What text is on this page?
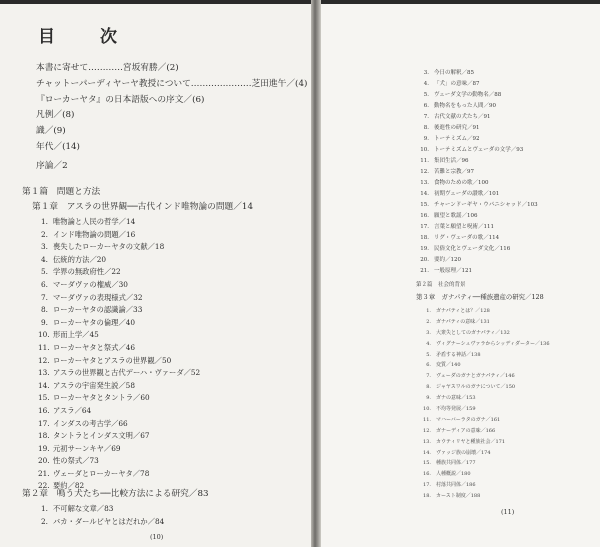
目　次
本書に寄せて…………宮坂宥勝／(2)
チャットーパーディヤーヤ教授について…………………芝田進午／(4)
『ローカーヤタ』の日本語版への序文／(6)
凡例／(8)
識／(9)
年代／(14)
序論／2
第１篇　問題と方法
第１章　アスラの世界観──古代インド唯物論の問題／14
1. 唯物論と人民の哲学／14
2. インド唯物論の問題／16
3. 喪失したローカーヤタの文献／18
4. 伝統的方法／20
5. 学界の無政府性／22
6. マーダヴァの権威／30
7. マーダヴァの表現様式／32
8. ローカーヤタの認識論／33
9. ローカーヤタの倫理／40
10. 形而上学／45
11. ローカーヤタと祭式／46
12. ローカーヤタとアスラの世界観／50
13. アスラの世界観と古代デーハ・ヴァーダ／52
14. アスラの宇宙発生説／58
15. ローカーヤタとタントラ／60
16. アスラ／64
17. インダスの考古学／66
18. タントラとインダス文明／67
19. 元初サーンキヤ／69
20. 性の祭式／73
21. ヴェーダとローカーヤタ／78
22. 要約／82
第２章　鳴う犬たち──比較方法による研究／83
1. 不可解な文章／83
2. バカ・ダールビヤとはだれか／84
(10)
3. 今日の解釈／85
4. 「犬」の意味／87
5. ヴェーダ文学の動物名／88
6. 動物名をもった人間／90
7. 古代文献の犬たち／91
8. 後進性の研究／91
9. トーテミズム／92
10. トーテミズムとヴェーダの文学／93
11. 集団生活／96
12. 苦難と宗教／97
13. 食物のための歌／100
14. 初期ヴェーダの讃歌／101
15. チャーンドーギヤ・ウパニシャッド／103
16. 願望と歌謡／106
17. 言葉と願望と呪術／111
18. リグ・ヴェーダの歌／114
19. 民俗文化とヴェーダ文化／116
20. 要約／120
21. 一般原理／121
第２篇　社会的背景
第３章　ガナパティ──種族遺産の研究／128
1. ガナパティとは？／128
2. ガナパティの意味／131
3. 大衆失としてのガナパティ／132
4. ヴィグナーシュヴァラからシッディダーター／136
5. 矛盾する神話／138
6. 変質／140
7. ヴェーダのガナとガナパティ／146
8. ジャヤスワルのガナについて／150
9. ガナの意味／153
10. 不均等発展／159
11. マハーバーラタのガナ／161
12. ガナーディアの意味／166
13. カウティリヤと種族社会／171
14. ヴァッジ族の崩壊／174
15. 種族共同体／177
16. 人種概説／180
17. 村落共同体／186
18. カースト制度／188
(11)
